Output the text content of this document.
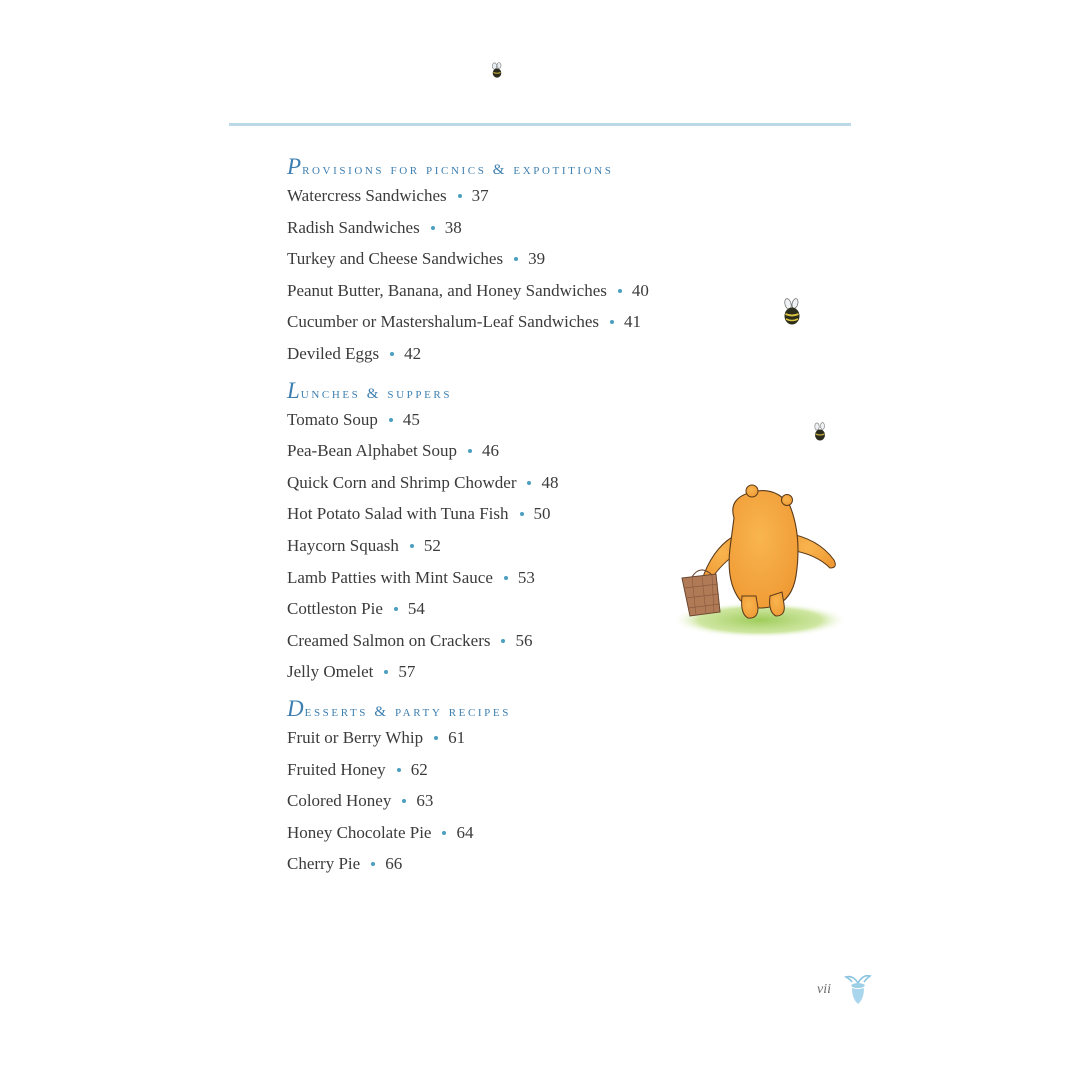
Provisions for picnics & expotitions
Watercress Sandwiches 37
Radish Sandwiches 38
Turkey and Cheese Sandwiches 39
Peanut Butter, Banana, and Honey Sandwiches 40
Cucumber or Mastershalum-Leaf Sandwiches 41
Deviled Eggs 42
Lunches & suppers
Tomato Soup 45
Pea-Bean Alphabet Soup 46
Quick Corn and Shrimp Chowder 48
Hot Potato Salad with Tuna Fish 50
Haycorn Squash 52
Lamb Patties with Mint Sauce 53
Cottleston Pie 54
Creamed Salmon on Crackers 56
Jelly Omelet 57
Desserts & party recipes
Fruit or Berry Whip 61
Fruited Honey 62
Colored Honey 63
Honey Chocolate Pie 64
Cherry Pie 66
vii
